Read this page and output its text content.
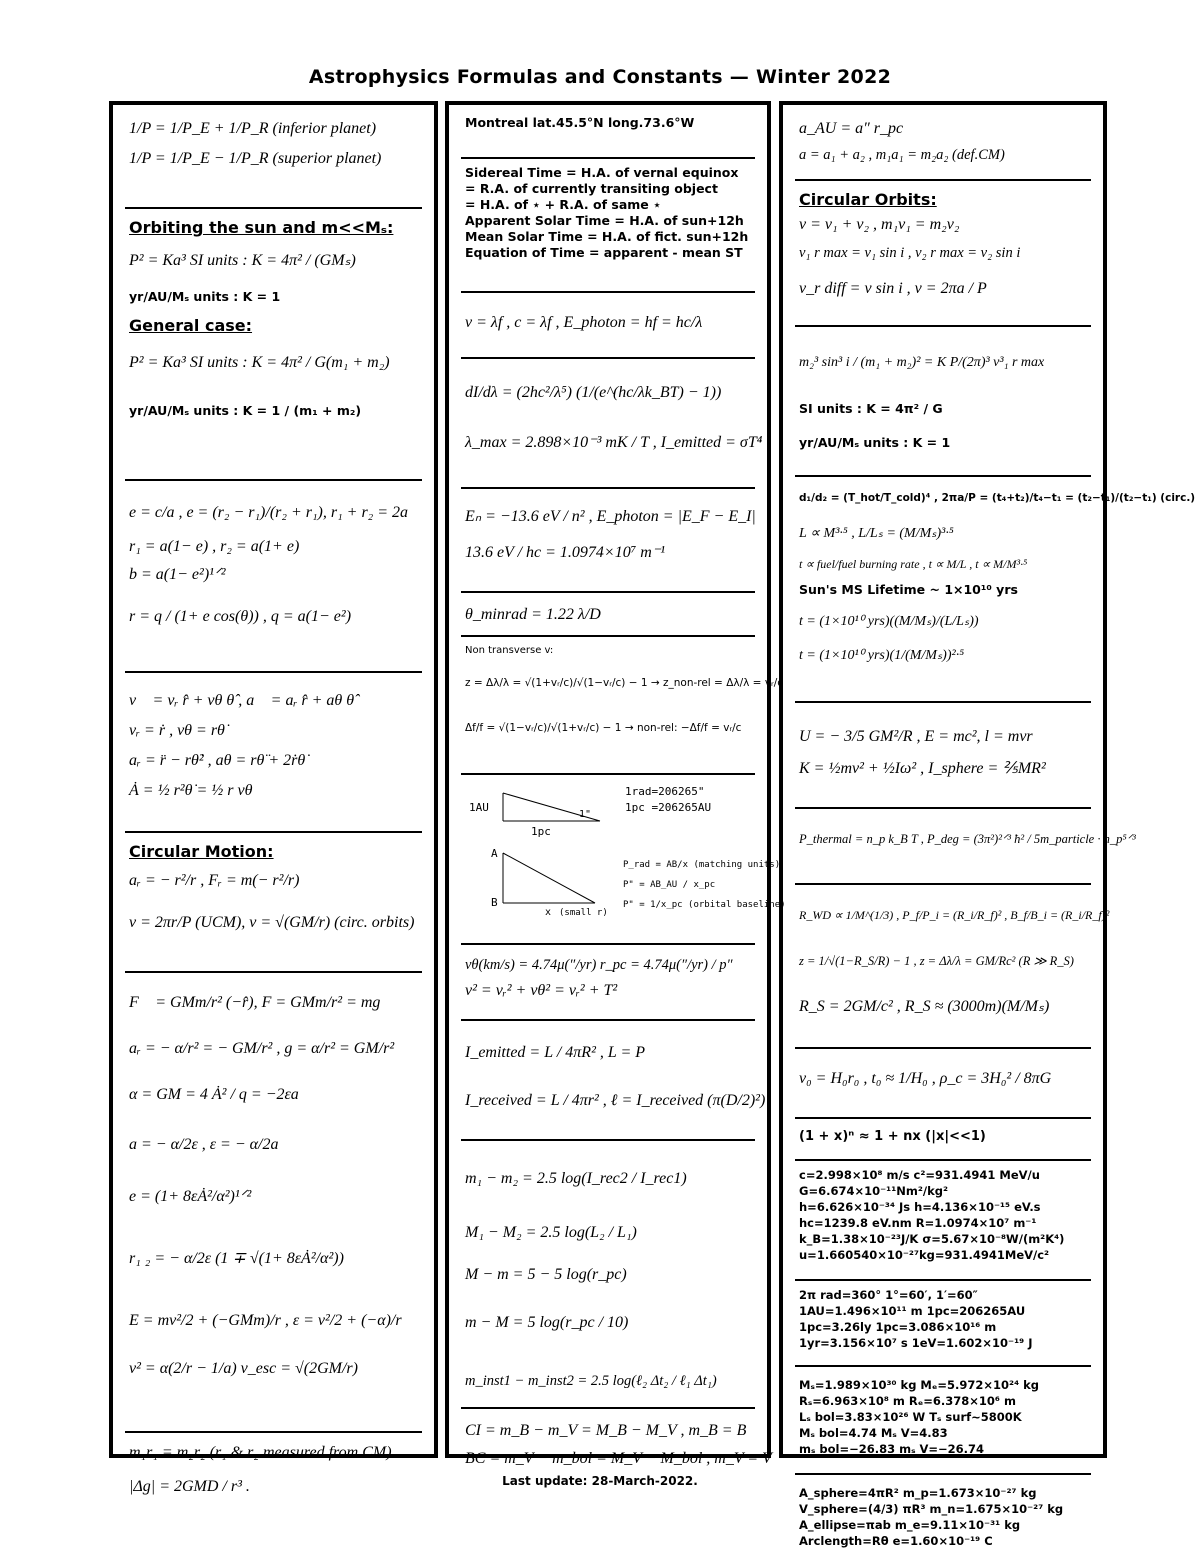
Astrophysics Formulas and Constants — Winter 2022
1/P = 1/P_E + 1/P_R (inferior planet)
1/P = 1/P_E − 1/P_R (superior planet)
Orbiting the sun and m<<Mₛ:
P² = Ka³ SI units : K = 4π² / (GMₛ)
yr/AU/Mₛ units : K = 1
General case:
P² = Ka³ SI units : K = 4π² / G(m₁ + m₂)
yr/AU/Mₛ units : K = 1 / (m₁ + m₂)
e = c/a , e = (r₂ − r₁)/(r₂ + r₁), r₁ + r₂ = 2a
r₁ = a(1− e) , r₂ = a(1+ e)
b = a(1− e²)¹ᐟ²
r = q / (1+ e cos(θ)) , q = a(1− e²)
v⃗ = vᵣ r̂ + vθ θ̂ , a⃗ = aᵣ r̂ + aθ θ̂
vᵣ = ṙ , vθ = rθ̇
aᵣ = r̈ − rθ̇² , aθ = rθ̈ + 2ṙθ̇
Ȧ = ½ r²θ̇ = ½ r vθ
Circular Motion:
aᵣ = − r²/r , Fᵣ = m(− r²/r)
v = 2πr/P (UCM), v = √(GM/r) (circ. orbits)
F⃗ = GMm/r² (−r̂), F = GMm/r² = mg
aᵣ = − α/r² = − GM/r² , g = α/r² = GM/r²
α = GM = 4 Ȧ² / q = −2εa
a = − α/2ε , ε = − α/2a
e = (1+ 8εȦ²/α²)¹ᐟ²
r₁ ₂ = − α/2ε (1 ∓ √(1+ 8εȦ²/α²))
E = mv²/2 + (−GMm)/r , ε = v²/2 + (−α)/r
v² = α(2/r − 1/a) v_esc = √(2GM/r)
m₁r₁ = m₂r₂ (r₁ & r₂ measured from CM)
|Δg| = 2GMD / r³ .
Montreal lat.45.5°N long.73.6°W
Sidereal Time = H.A. of vernal equinox
= R.A. of currently transiting object
= H.A. of ⋆ + R.A. of same ⋆
Apparent Solar Time = H.A. of sun+12h
Mean Solar Time = H.A. of fict. sun+12h
Equation of Time = apparent - mean ST
v = λf , c = λf , E_photon = hf = hc/λ
dI/dλ = (2hc²/λ⁵) (1/(e^(hc/λk_BT) − 1))
λ_max = 2.898×10⁻³ mK / T , I_emitted = σT⁴
Eₙ = −13.6 eV / n² , E_photon = |E_F − E_I|
13.6 eV / hc = 1.0974×10⁷ m⁻¹
θ_minrad = 1.22 λ/D
Non transverse v:
z = Δλ/λ = √(1+vᵣ/c)/√(1−vᵣ/c) − 1 → z_non-rel = Δλ/λ = vᵣ/c
Δf/f = √(1−vᵣ/c)/√(1+vᵣ/c) − 1 → non-rel: −Δf/f = vᵣ/c
1AU
1pc
1"
1rad=206265"
1pc =206265AU
A
B
x (small r)
P_rad = AB/x (matching units)
P" = AB_AU / x_pc
P" = 1/x_pc (orbital baseline)
vθ(km/s) = 4.74μ(″/yr) r_pc = 4.74μ(″/yr) / p″
v² = vᵣ² + vθ² = vᵣ² + T²
I_emitted = L / 4πR² , L = P
I_received = L / 4πr² , ℓ = I_received (π(D/2)²)
m₁ − m₂ = 2.5 log(I_rec2 / I_rec1)
M₁ − M₂ = 2.5 log(L₂ / L₁)
M − m = 5 − 5 log(r_pc)
m − M = 5 log(r_pc / 10)
m_inst1 − m_inst2 = 2.5 log(ℓ₂ Δt₂ / ℓ₁ Δt₁)
CI = m_B − m_V = M_B − M_V , m_B = B
BC = m_V − m_bol = M_V − M_bol , m_V = V
a_AU = a″ r_pc
a = a₁ + a₂ , m₁a₁ = m₂a₂ (def.CM)
Circular Orbits:
v = v₁ + v₂ , m₁v₁ = m₂v₂
v₁ r max = v₁ sin i , v₂ r max = v₂ sin i
v_r diff = v sin i , v = 2πa / P
m₂³ sin³ i / (m₁ + m₂)² = K P/(2π)³ v³₁ r max
SI units : K = 4π² / G
yr/AU/Mₛ units : K = 1
d₁/d₂ = (T_hot/T_cold)⁴ , 2πa/P = (t₄+t₂)/t₄−t₁ = (t₂−t₁)/(t₂−t₁) (circ.)
L ∝ M³·⁵ , L/Lₛ = (M/Mₛ)³·⁵
t ∝ fuel/fuel burning rate , t ∝ M/L , t ∝ M/M³·⁵
Sun's MS Lifetime ~ 1×10¹⁰ yrs
t = (1×10¹⁰ yrs)((M/Mₛ)/(L/Lₛ))
t = (1×10¹⁰ yrs)(1/(M/Mₛ))²·⁵
U = − 3/5 GM²/R , E = mc², l = mvr
K = ½mv² + ½Iω² , I_sphere = ⅖MR²
P_thermal = n_p k_B T , P_deg = (3π²)²ᐟ³ ħ² / 5m_particle · n_p⁵ᐟ³
R_WD ∝ 1/M^(1/3) , P_f/P_i = (R_i/R_f)² , B_f/B_i = (R_i/R_f)²
z = 1/√(1−R_S/R) − 1 , z = Δλ/λ = GM/Rc² (R ≫ R_S)
R_S = 2GM/c² , R_S ≈ (3000m)(M/Mₛ)
v₀ = H₀r₀ , t₀ ≈ 1/H₀ , ρ_c = 3H₀² / 8πG
(1 + x)ⁿ ≈ 1 + nx (|x|<<1)
c=2.998×10⁸ m/s c²=931.4941 MeV/u
G=6.674×10⁻¹¹Nm²/kg²
h=6.626×10⁻³⁴ Js h=4.136×10⁻¹⁵ eV.s
hc=1239.8 eV.nm R=1.0974×10⁷ m⁻¹
k_B=1.38×10⁻²³J/K σ=5.67×10⁻⁸W/(m²K⁴)
u=1.660540×10⁻²⁷kg=931.4941MeV/c²
2π rad=360° 1°=60′, 1′=60″
1AU=1.496×10¹¹ m 1pc=206265AU
1pc=3.26ly 1pc=3.086×10¹⁶ m
1yr=3.156×10⁷ s 1eV=1.602×10⁻¹⁹ J
Mₛ=1.989×10³⁰ kg Mₑ=5.972×10²⁴ kg
Rₛ=6.963×10⁸ m Rₑ=6.378×10⁶ m
Lₛ bol=3.83×10²⁶ W Tₛ surf~5800K
Mₛ bol=4.74 Mₛ V=4.83
mₛ bol=−26.83 mₛ V=−26.74
A_sphere=4πR² m_p=1.673×10⁻²⁷ kg
V_sphere=(4/3) πR³ m_n=1.675×10⁻²⁷ kg
A_ellipse=πab m_e=9.11×10⁻³¹ kg
Arclength=Rθ e=1.60×10⁻¹⁹ C
Last update: 28-March-2022.
